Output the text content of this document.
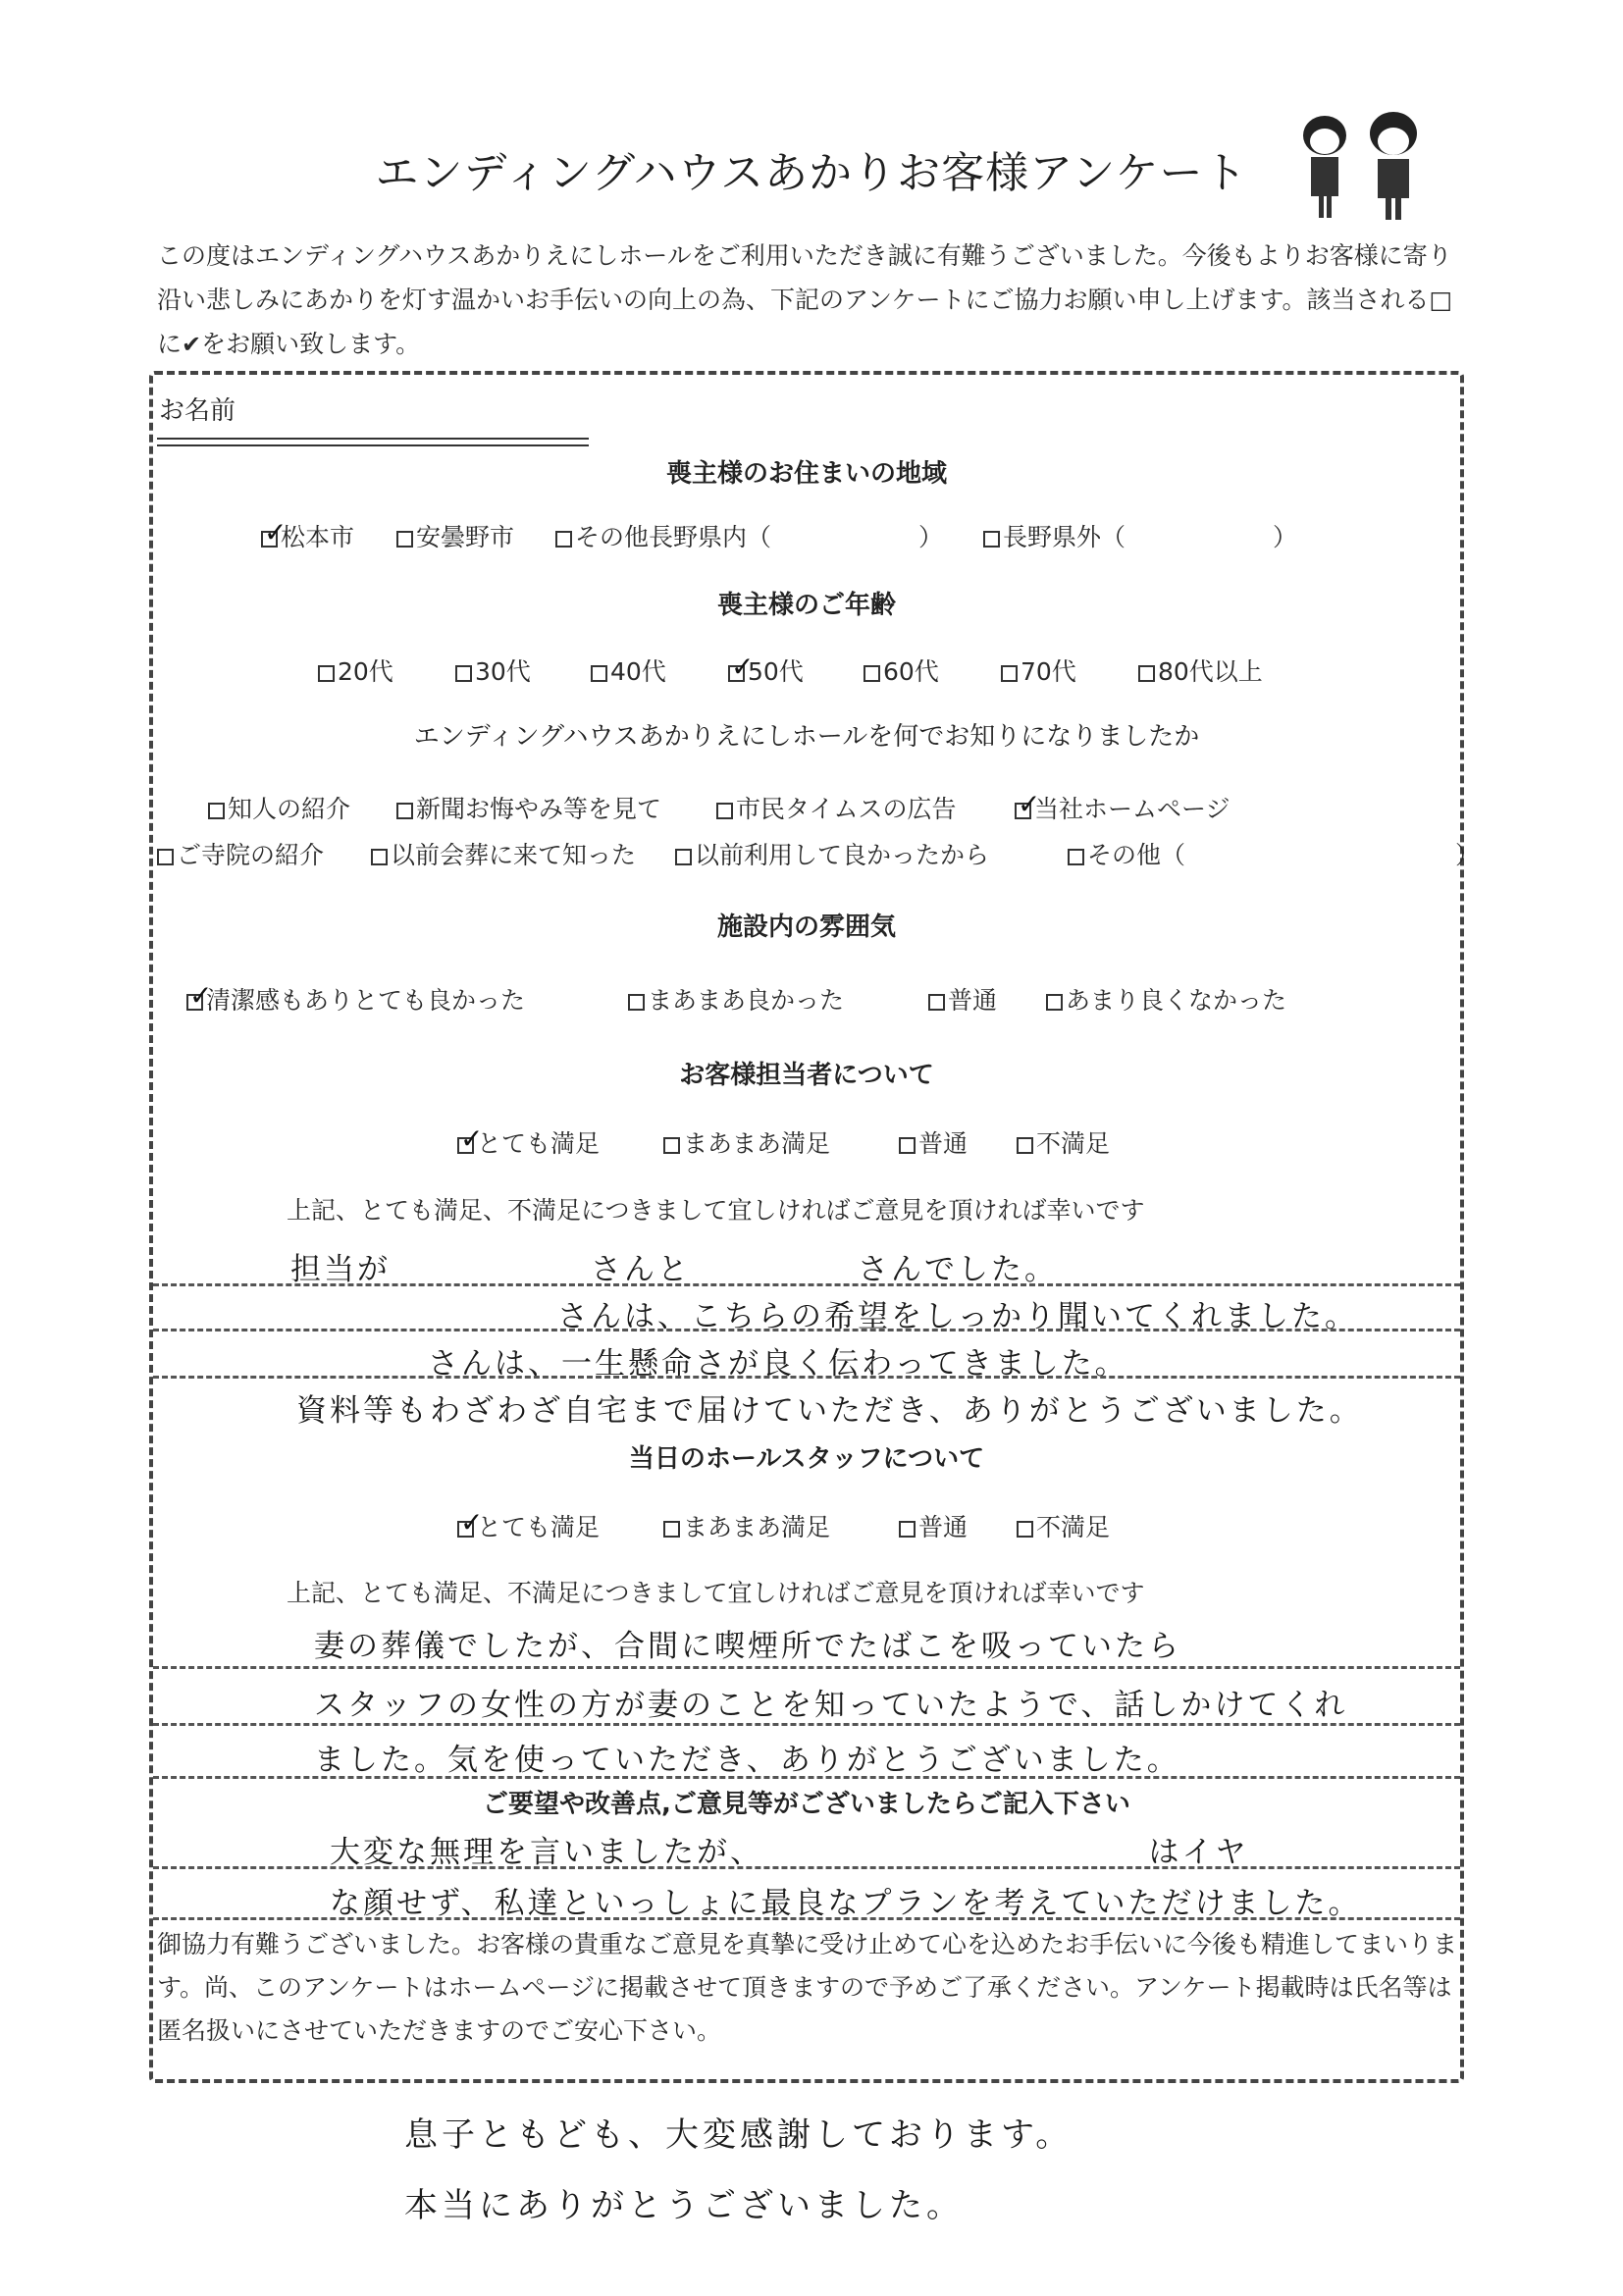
エンディングハウスあかりお客様アンケート
この度はエンディングハウスあかりえにしホールをご利用いただき誠に有難うございました。今後もよりお客様に寄り沿い悲しみにあかりを灯す温かいお手伝いの向上の為、下記のアンケートにご協力お願い申し上げます。該当される□に✔をお願い致します。
お名前
喪主様のお住まいの地域
✓
松本市	安曇野市	その他長野県内（　　　　　　）	長野県外（　　　　　　）
喪主様のご年齢
20代	30代	40代 ✓
50代	60代	70代	80代以上
エンディングハウスあかりえにしホールを何でお知りになりましたか
知人の紹介	新聞お悔やみ等を見て	市民タイムスの広告 ✓
当社ホームページ
ご寺院の紹介	以前会葬に来て知った	以前利用して良かったから	その他（　　　　　　　　　　　）
施設内の雰囲気
✓
清潔感もありとても良かった	まあまあ良かった	普通	あまり良くなかった
お客様担当者について
✓
とても満足	まあまあ満足	普通	不満足
上記、とても満足、不満足につきまして宜しければご意見を頂ければ幸いです
担当が　　　　　　さんと　　　　　さんでした。
　　　　　　　　さんは、こちらの希望をしっかり聞いてくれました。
　　　　さんは、一生懸命さが良く伝わってきました。
資料等もわざわざ自宅まで届けていただき、ありがとうございました。
当日のホールスタッフについて
✓
とても満足	まあまあ満足	普通	不満足
上記、とても満足、不満足につきまして宜しければご意見を頂ければ幸いです
妻の葬儀でしたが、合間に喫煙所でたばこを吸っていたら
スタッフの女性の方が妻のことを知っていたようで、話しかけてくれ
ました。気を使っていただき、ありがとうございました。
ご要望や改善点,ご意見等がございましたらご記入下さい
大変な無理を言いましたが、　　　　　　　　　　　　はイヤ
な顔せず、私達といっしょに最良なプランを考えていただけました。
御協力有難うございました。お客様の貴重なご意見を真摯に受け止めて心を込めたお手伝いに今後も精進してまいります。尚、このアンケートはホームページに掲載させて頂きますので予めご了承ください。アンケート掲載時は氏名等は匿名扱いにさせていただきますのでご安心下さい。
息子ともども、大変感謝しております。
本当にありがとうございました。
